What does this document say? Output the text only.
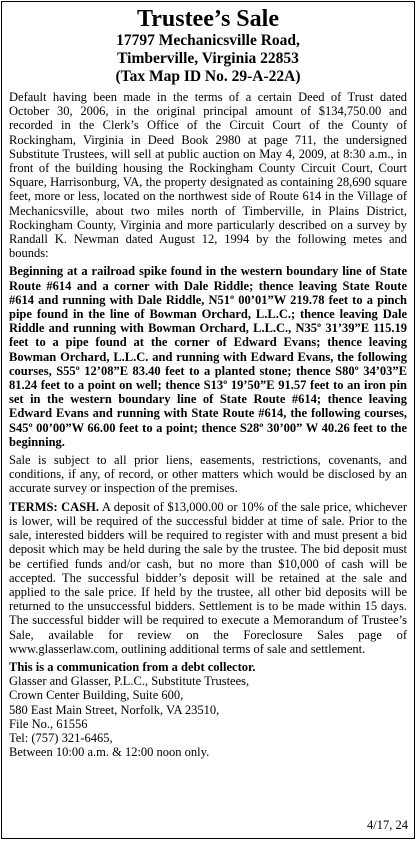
Trustee’s Sale
17797 Mechanicsville Road,
Timberville, Virginia 22853
(Tax Map ID No. 29-A-22A)

Default having been made in the terms of a certain Deed of Trust dated October 30, 2006, in the original principal amount of $134,750.00 and recorded in the Clerk’s Office of the Circuit Court of the County of Rockingham, Virginia in Deed Book 2980 at page 711, the undersigned Substitute Trustees, will sell at public auction on May 4, 2009, at 8:30 a.m., in front of the building housing the Rockingham County Circuit Court, Court Square, Harrisonburg, VA, the property designated as containing 28,690 square feet, more or less, located on the northwest side of Route 614 in the Village of Mechanicsville, about two miles north of Timberville, in Plains District, Rockingham County, Virginia and more particularly described on a survey by Randall K. Newman dated August 12, 1994 by the following metes and bounds:

Beginning at a railroad spike found in the western boundary line of State Route #614 and a corner with Dale Riddle; thence leaving State Route #614 and running with Dale Riddle, N51º 00’01”W 219.78 feet to a pinch pipe found in the line of Bowman Orchard, L.L.C.; thence leaving Dale Riddle and running with Bowman Orchard, L.L.C., N35º 31’39”E 115.19 feet to a pipe found at the corner of Edward Evans; thence leaving Bowman Orchard, L.L.C. and running with Edward Evans, the following courses, S55º 12’08”E 83.40 feet to a planted stone; thence S80º 34’03”E 81.24 feet to a point on well; thence S13º 19’50”E 91.57 feet to an iron pin set in the western boundary line of State Route #614; thence leaving Edward Evans and running with State Route #614, the following courses, S45º 00’00”W 66.00 feet to a point; thence S28º 30’00” W 40.26 feet to the beginning.

Sale is subject to all prior liens, easements, restrictions, covenants, and conditions, if any, of record, or other matters which would be disclosed by an accurate survey or inspection of the premises.

TERMS: CASH. A deposit of $13,000.00 or 10% of the sale price, whichever is lower, will be required of the successful bidder at time of sale. Prior to the sale, interested bidders will be required to register with and must present a bid deposit which may be held during the sale by the trustee. The bid deposit must be certified funds and/or cash, but no more than $10,000 of cash will be accepted. The successful bidder’s deposit will be retained at the sale and applied to the sale price. If held by the trustee, all other bid deposits will be returned to the unsuccessful bidders. Settlement is to be made within 15 days. The successful bidder will be required to execute a Memorandum of Trustee’s Sale, available for review on the Foreclosure Sales page of www.glasserlaw.com, outlining additional terms of sale and settlement.

This is a communication from a debt collector.
Glasser and Glasser, P.L.C., Substitute Trustees,
Crown Center Building, Suite 600,
580 East Main Street, Norfolk, VA 23510,
File No., 61556
Tel: (757) 321-6465,
Between 10:00 a.m. & 12:00 noon only.
4/17, 24
